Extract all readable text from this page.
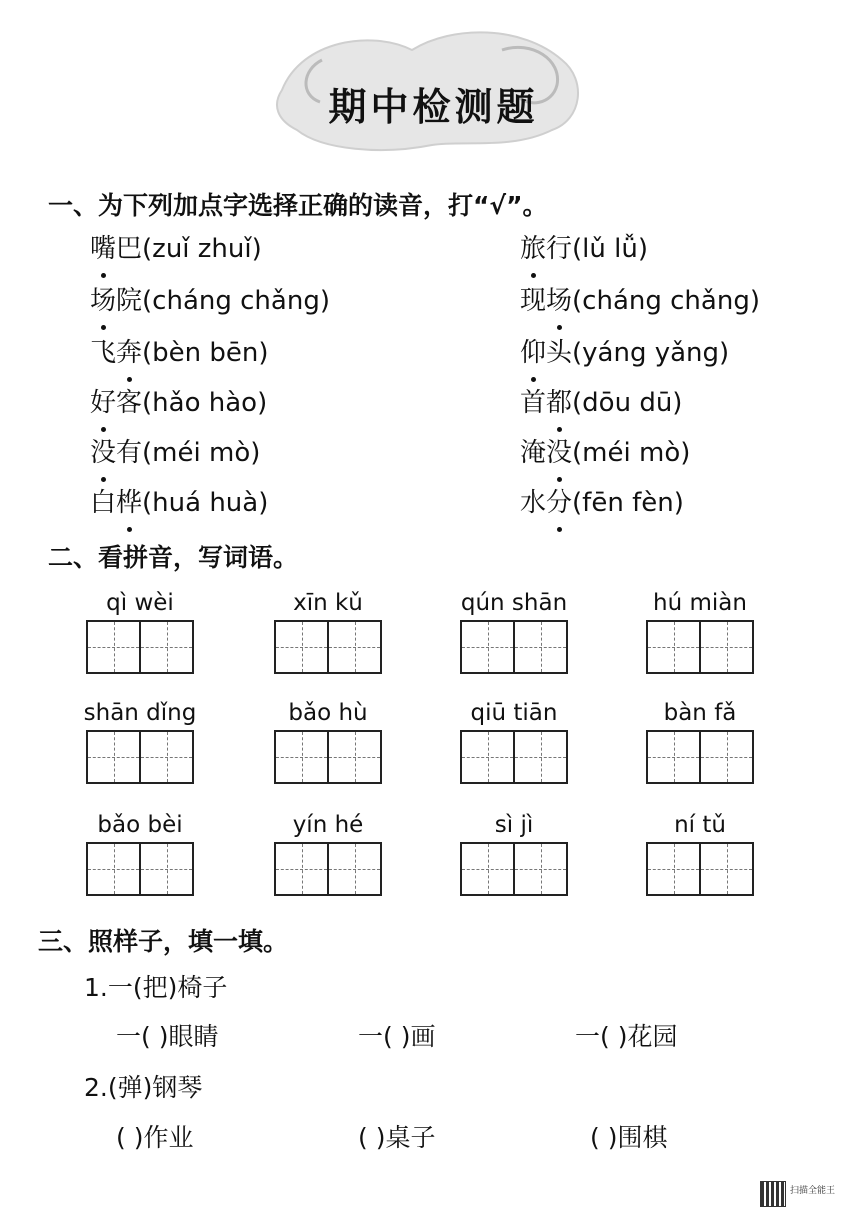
期中检测题
一、为下列加点字选择正确的读音，打“√”。
嘴
巴(zuǐ zhuǐ)
场
院(cháng chǎng)
飞奔
(bèn bēn)
好
客(hǎo hào)
没
有(méi mò)
白桦
(huá huà)
旅
行(lǔ lǚ)
现场
(cháng chǎng)
仰
头(yáng yǎng)
首都
(dōu dū)
淹没
(méi mò)
水分
(fēn fèn)
二、看拼音，写词语。
qì wèi	xīn kǔ	qún shān	hú miàn
shān dǐng	bǎo hù	qiū tiān	bàn fǎ
bǎo bèi	yín hé	sì jì	ní tǔ
三、照样子，填一填。
1.一(把)椅子
一( )眼睛	一( )画	一( )花园
2.(弹)钢琴
( )作业	( )桌子	( )围棋
扫描全能王
